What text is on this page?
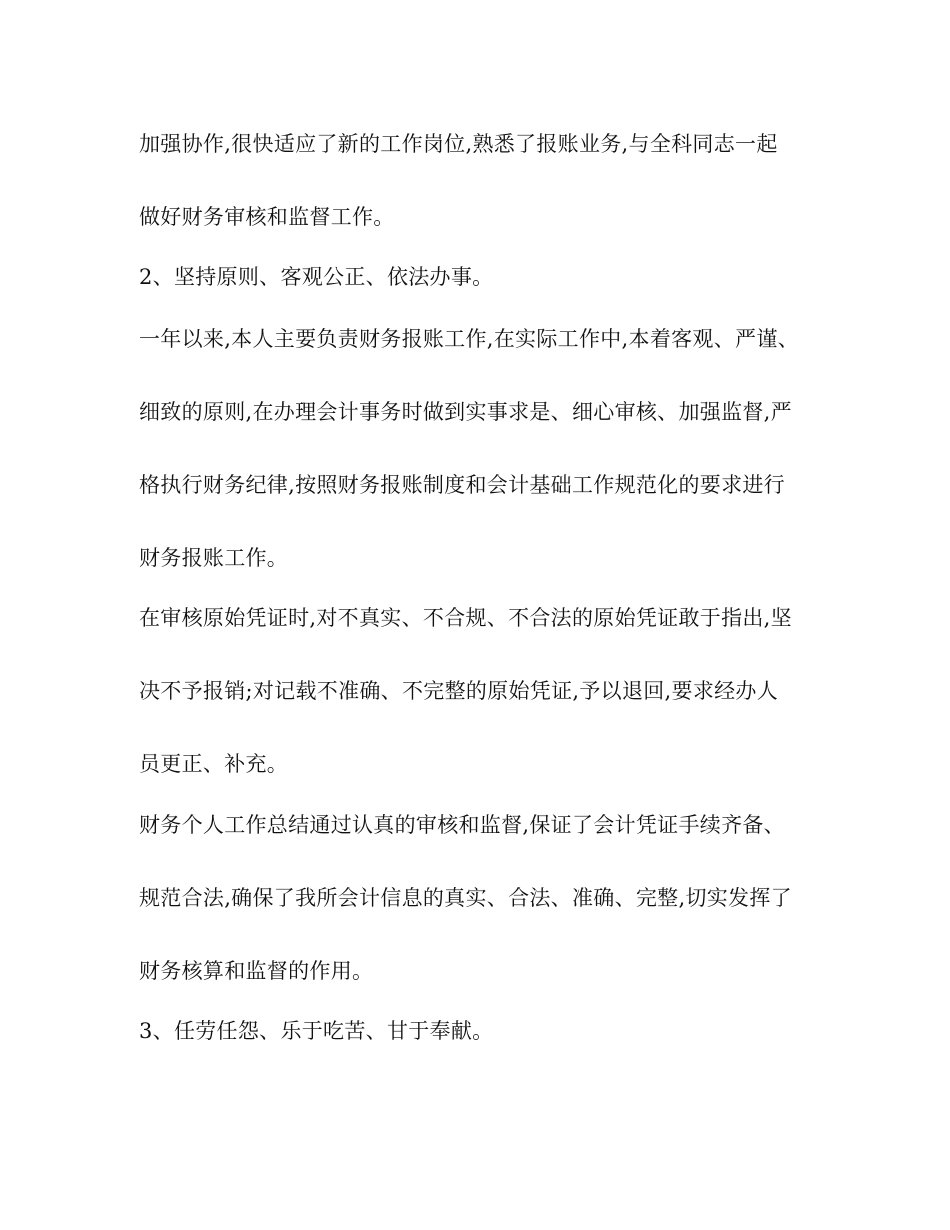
加强协作,很快适应了新的工作岗位,熟悉了报账业务,与全科同志一起
做好财务审核和监督工作。
2、坚持原则、客观公正、依法办事。
一年以来,本人主要负责财务报账工作,在实际工作中,本着客观、严谨、
细致的原则,在办理会计事务时做到实事求是、细心审核、加强监督,严
格执行财务纪律,按照财务报账制度和会计基础工作规范化的要求进行
财务报账工作。
在审核原始凭证时,对不真实、不合规、不合法的原始凭证敢于指出,坚
决不予报销;对记载不准确、不完整的原始凭证,予以退回,要求经办人
员更正、补充。
财务个人工作总结通过认真的审核和监督,保证了会计凭证手续齐备、
规范合法,确保了我所会计信息的真实、合法、准确、完整,切实发挥了
财务核算和监督的作用。
3、任劳任怨、乐于吃苦、甘于奉献。
